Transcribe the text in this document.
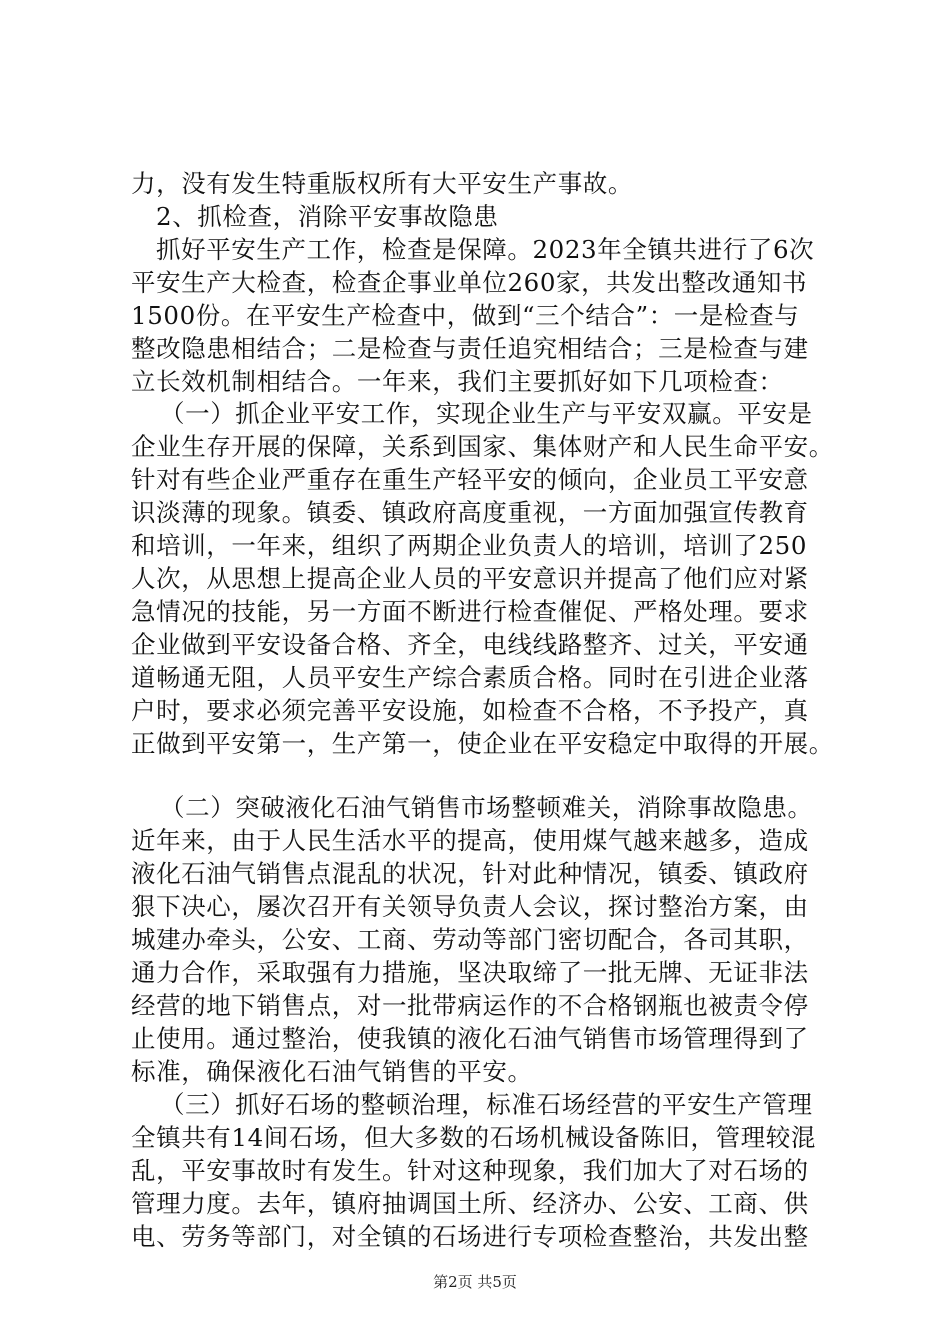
力，没有发生特重版权所有大平安生产事故。
2、抓检查，消除平安事故隐患
抓好平安生产工作，检查是保障。2023年全镇共进行了6次
平安生产大检查，检查企事业单位260家，共发出整改通知书
1500份。在平安生产检查中，做到“三个结合”：一是检查与
整改隐患相结合；二是检查与责任追究相结合；三是检查与建
立长效机制相结合。一年来，我们主要抓好如下几项检查：
（一）抓企业平安工作，实现企业生产与平安双赢。平安是
企业生存开展的保障，关系到国家、集体财产和人民生命平安。
针对有些企业严重存在重生产轻平安的倾向，企业员工平安意
识淡薄的现象。镇委、镇政府高度重视，一方面加强宣传教育
和培训，一年来，组织了两期企业负责人的培训，培训了250
人次，从思想上提高企业人员的平安意识并提高了他们应对紧
急情况的技能，另一方面不断进行检查催促、严格处理。要求
企业做到平安设备合格、齐全，电线线路整齐、过关，平安通
道畅通无阻，人员平安生产综合素质合格。同时在引进企业落
户时，要求必须完善平安设施，如检查不合格，不予投产，真
正做到平安第一，生产第一，使企业在平安稳定中取得的开展。
（二）突破液化石油气销售市场整顿难关，消除事故隐患。
近年来，由于人民生活水平的提高，使用煤气越来越多，造成
液化石油气销售点混乱的状况，针对此种情况，镇委、镇政府
狠下决心，屡次召开有关领导负责人会议，探讨整治方案，由
城建办牵头，公安、工商、劳动等部门密切配合，各司其职，
通力合作，采取强有力措施，坚决取缔了一批无牌、无证非法
经营的地下销售点，对一批带病运作的不合格钢瓶也被责令停
止使用。通过整治，使我镇的液化石油气销售市场管理得到了
标准，确保液化石油气销售的平安。
（三）抓好石场的整顿治理，标准石场经营的平安生产管理
全镇共有14间石场，但大多数的石场机械设备陈旧，管理较混
乱，平安事故时有发生。针对这种现象，我们加大了对石场的
管理力度。去年，镇府抽调国土所、经济办、公安、工商、供
电、劳务等部门，对全镇的石场进行专项检查整治，共发出整
第2页 共5页
